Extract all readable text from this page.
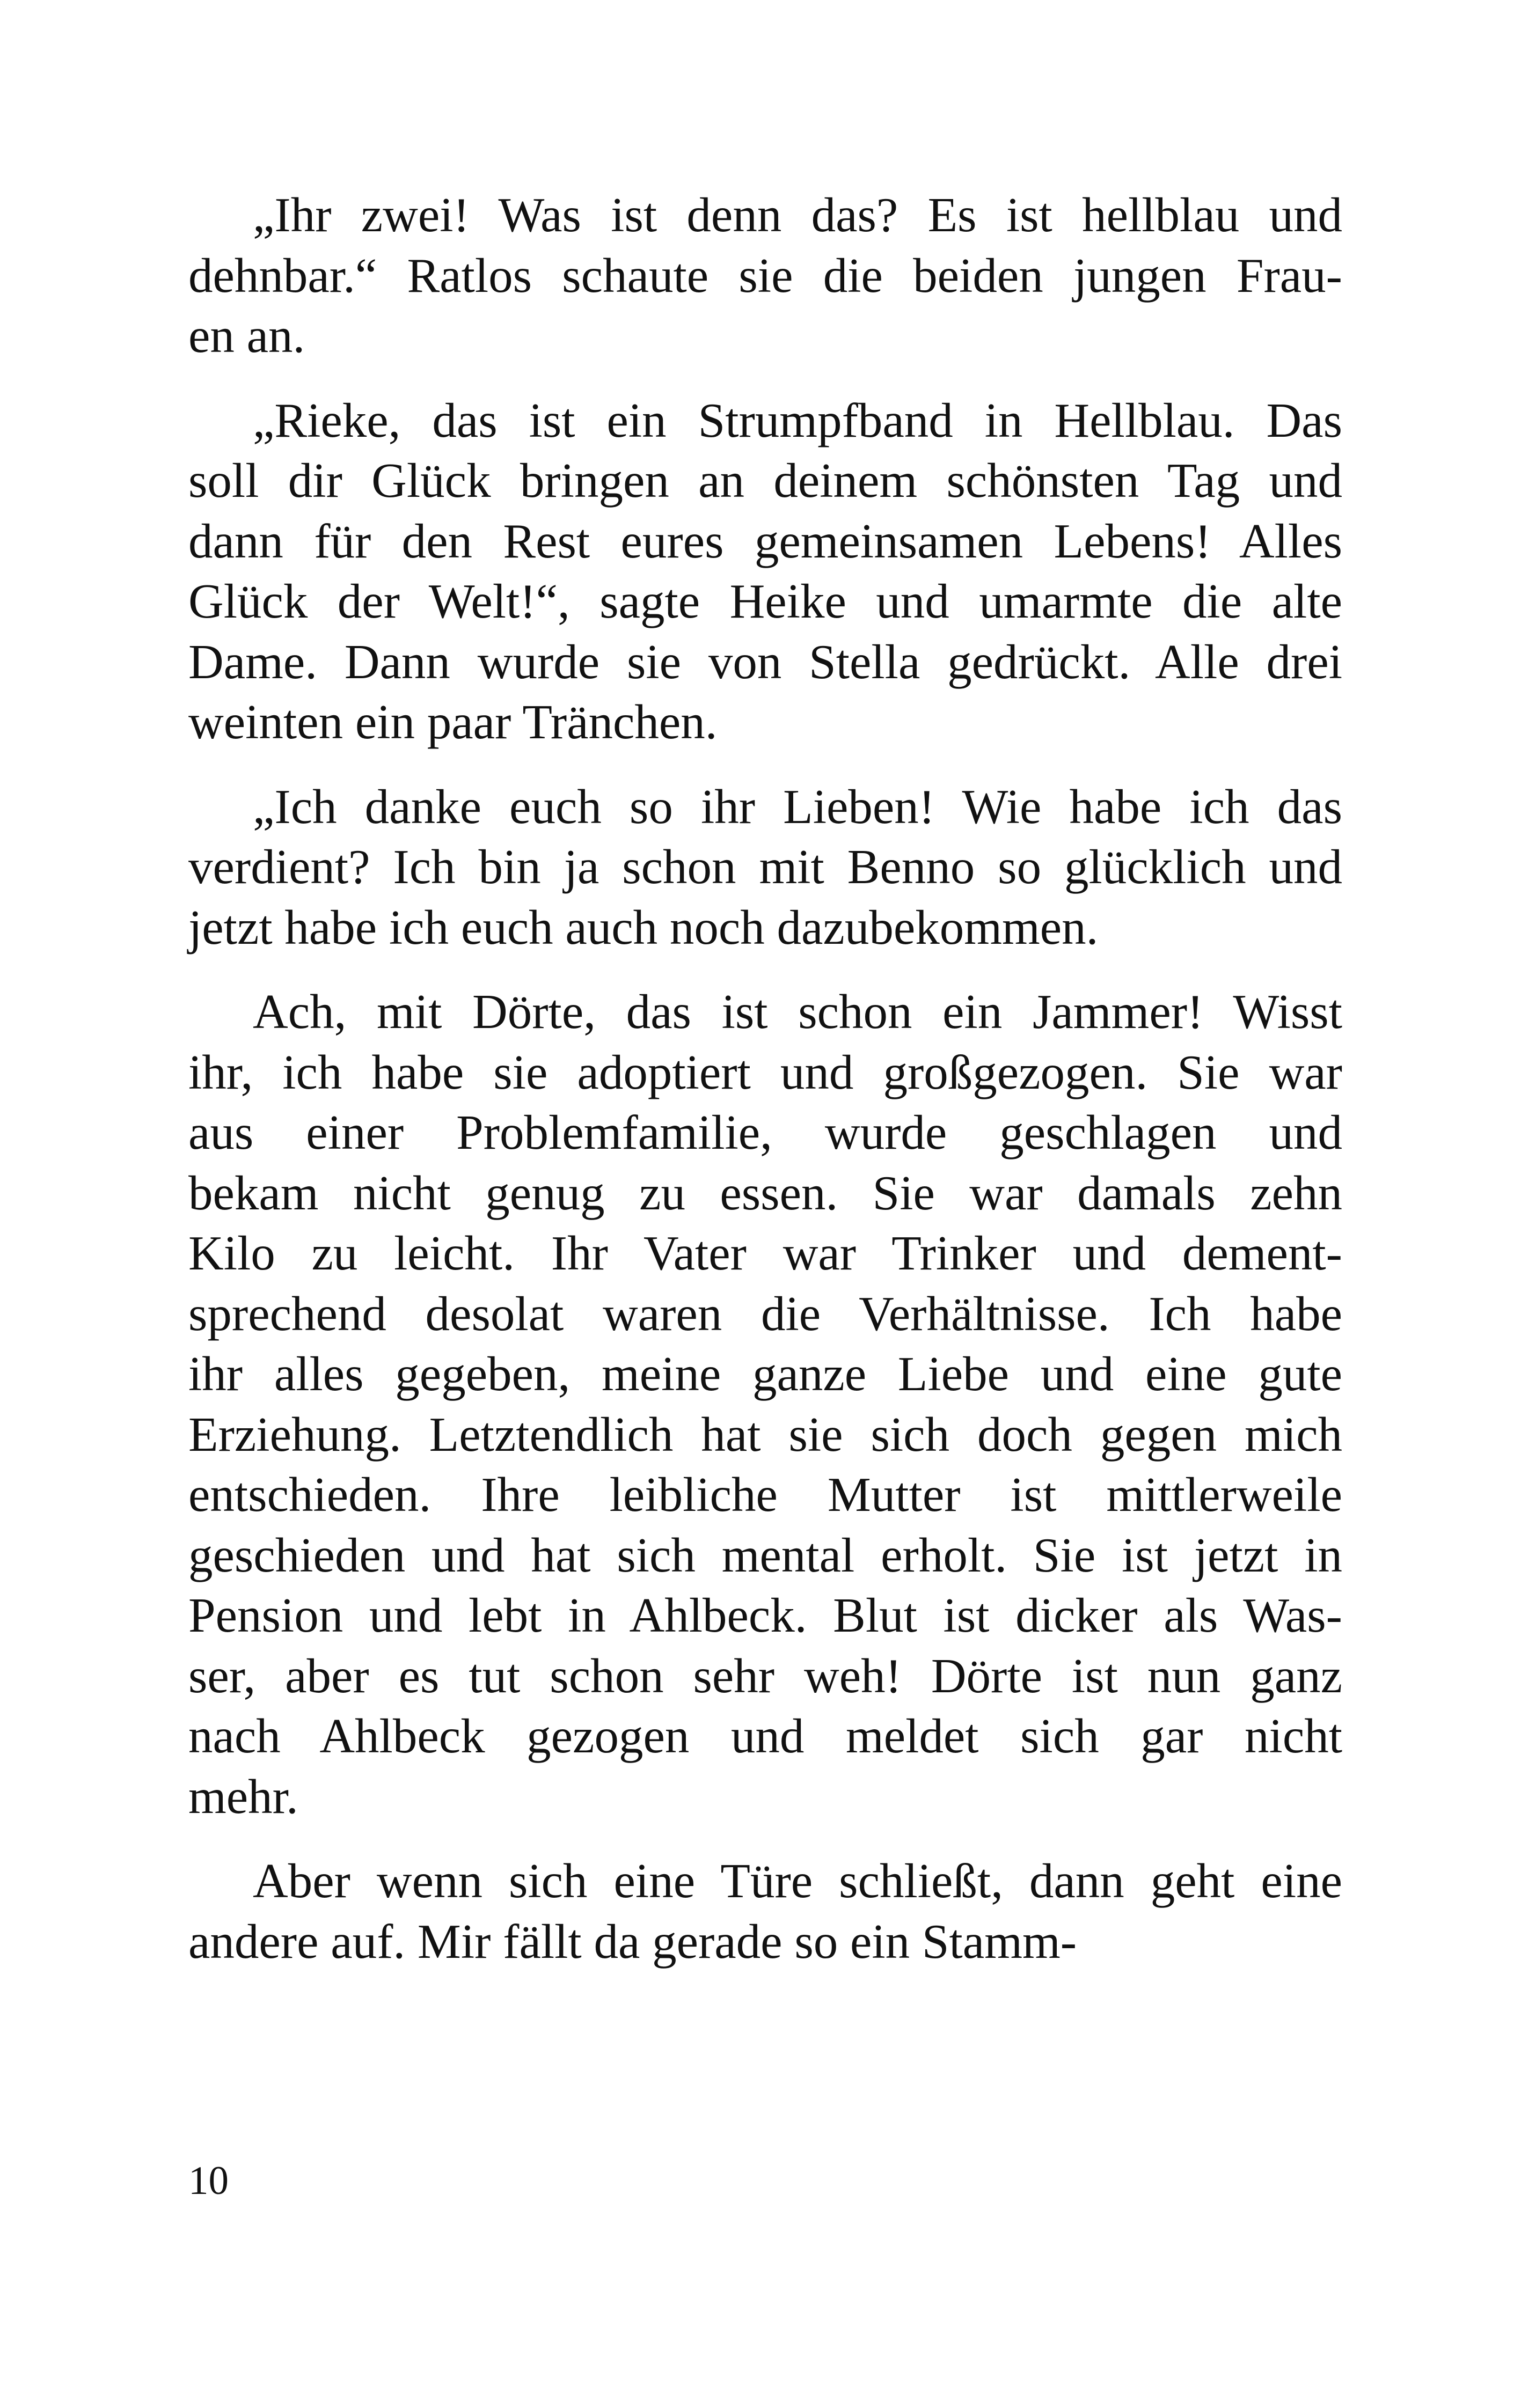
„Ihr zwei! Was ist denn das? Es ist hellblau und
dehnbar.“ Ratlos schaute sie die beiden jungen Frau-
en an.

„Rieke, das ist ein Strumpfband in Hellblau. Das
soll dir Glück bringen an deinem schönsten Tag und
dann für den Rest eures gemeinsamen Lebens! Alles
Glück der Welt!“, sagte Heike und umarmte die alte
Dame. Dann wurde sie von Stella gedrückt. Alle drei
weinten ein paar Tränchen.

„Ich danke euch so ihr Lieben! Wie habe ich das
verdient? Ich bin ja schon mit Benno so glücklich und
jetzt habe ich euch auch noch dazubekommen.

Ach, mit Dörte, das ist schon ein Jammer! Wisst
ihr, ich habe sie adoptiert und großgezogen. Sie war
aus einer Problemfamilie, wurde geschlagen und
bekam nicht genug zu essen. Sie war damals zehn
Kilo zu leicht. Ihr Vater war Trinker und dement-
sprechend desolat waren die Verhältnisse. Ich habe
ihr alles gegeben, meine ganze Liebe und eine gute
Erziehung. Letztendlich hat sie sich doch gegen mich
entschieden. Ihre leibliche Mutter ist mittlerweile
geschieden und hat sich mental erholt. Sie ist jetzt in
Pension und lebt in Ahlbeck. Blut ist dicker als Was-
ser, aber es tut schon sehr weh! Dörte ist nun ganz
nach Ahlbeck gezogen und meldet sich gar nicht
mehr.

Aber wenn sich eine Türe schließt, dann geht eine
andere auf. Mir fällt da gerade so ein Stamm-

10
